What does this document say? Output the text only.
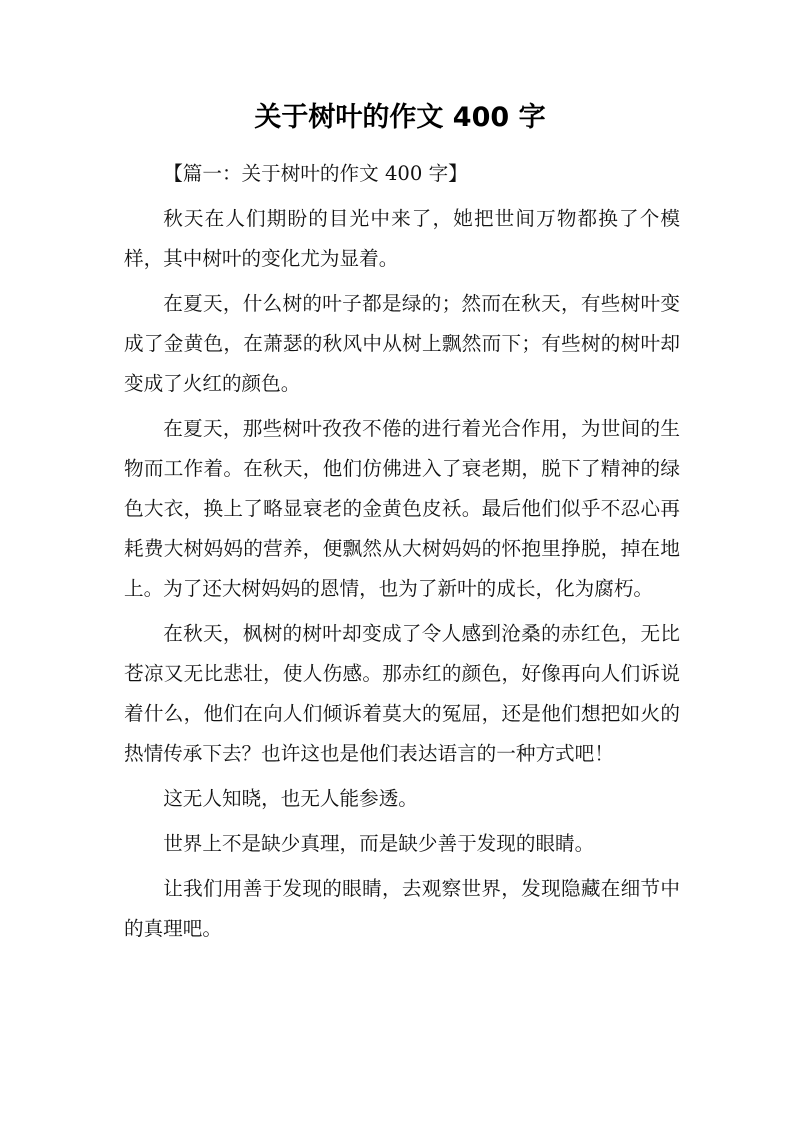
关于树叶的作文 400 字

【篇一：关于树叶的作文 400 字】

秋天在人们期盼的目光中来了，她把世间万物都换了个模样，其中树叶的变化尤为显着。

在夏天，什么树的叶子都是绿的；然而在秋天，有些树叶变成了金黄色，在萧瑟的秋风中从树上飘然而下；有些树的树叶却变成了火红的颜色。

在夏天，那些树叶孜孜不倦的进行着光合作用，为世间的生物而工作着。在秋天，他们仿佛进入了衰老期，脱下了精神的绿色大衣，换上了略显衰老的金黄色皮袄。最后他们似乎不忍心再耗费大树妈妈的营养，便飘然从大树妈妈的怀抱里挣脱，掉在地上。为了还大树妈妈的恩情，也为了新叶的成长，化为腐朽。

在秋天，枫树的树叶却变成了令人感到沧桑的赤红色，无比苍凉又无比悲壮，使人伤感。那赤红的颜色，好像再向人们诉说着什么，他们在向人们倾诉着莫大的冤屈，还是他们想把如火的热情传承下去？也许这也是他们表达语言的一种方式吧！

这无人知晓，也无人能参透。

世界上不是缺少真理，而是缺少善于发现的眼睛。

让我们用善于发现的眼睛，去观察世界，发现隐藏在细节中的真理吧。
